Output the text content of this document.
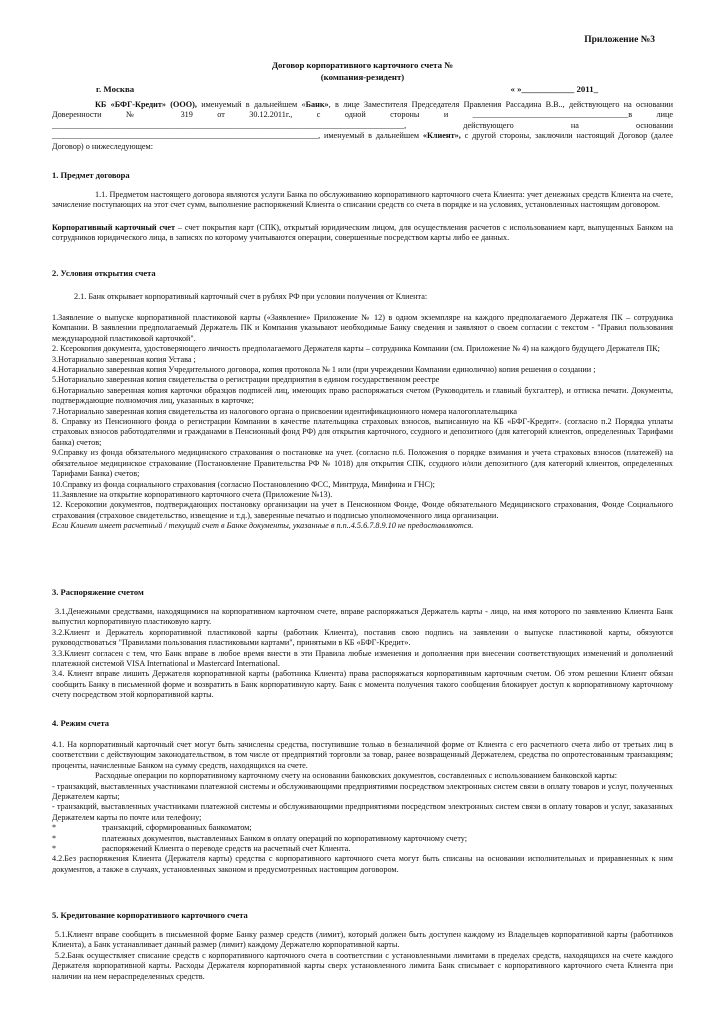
Приложение №3
Договор корпоративного карточного счета №
(компания-резидент)
г. Москва	« »____________ 2011_
КБ «БФГ-Кредит» (ООО), именуемый в дальнейшем «Банк», в лице Заместителя Председателя Правления Рассадина В.В.., действующего на основании Доверенности № 319 от 30.12.2011г., с одной стороны и ______________________________________в лице ______________________________________________________________________________________, действующего на основании _________________________________________________________________, именуемый в дальнейшем «Клиент», с другой стороны, заключили настоящий Договор (далее Договор) о нижеследующем:
1. Предмет договора
1.1. Предметом настоящего договора являются услуги Банка по обслуживанию корпоративного карточного счета Клиента: учет денежных средств Клиента на счете, зачисление поступающих на этот счет сумм, выполнение распоряжений Клиента о списании средств со счета в порядке и на условиях, установленных настоящим договором.
Корпоративный карточный счет – счет покрытия карт (СПК), открытый юридическим лицом, для осуществления расчетов с использованием карт, выпущенных Банком на сотрудников юридического лица, в записях по которому учитываются операции, совершенные посредством карты либо ее данных.
2. Условия открытия счета
2.1. Банк открывает корпоративный карточный счет в рублях РФ при условии получения от Клиента:
1.Заявление о выпуске корпоративной пластиковой карты («Заявление» Приложение № 12) в одном экземпляре на каждого предполагаемого Держателя ПК – сотрудника Компании. В заявлении предполагаемый Держатель ПК и Компания указывают необходимые Банку сведения и заявляют о своем согласии с текстом - "Правил пользования международной пластиковой карточкой".
2. Ксерокопия документа, удостоверяющего личность предполагаемого Держателя карты – сотрудника Компании (см. Приложение № 4) на каждого будущего Держателя ПК;
3.Нотариально заверенная копия Устава ;
4.Нотариально заверенная копия Учредительного договора, копия протокола № 1 или (при учреждении Компании единолично) копия решения о создании ;
5.Нотариально заверенная копия свидетельства о регистрации предприятия в едином государственном реестре
6.Нотариально заверенная копия карточки образцов подписей лиц, имеющих право распоряжаться счетом (Руководитель и главный бухгалтер), и оттиска печати. Документы, подтверждающие полномочия лиц, указанных в карточке;
7.Нотариально заверенная копия свидетельства из налогового органа о присвоении идентификационного номера налогоплательщика
8. Справку из Пенсионного фонда о регистрации Компании в качестве плательщика страховых взносов, выписанную на КБ «БФГ-Кредит». (согласно п.2 Порядка уплаты страховых взносов работодателями и гражданами в Пенсионный фонд РФ) для открытия карточного, ссудного и депозитного (для категорий клиентов, определенных Тарифами банка) счетов;
9.Справку из фонда обязательного медицинского страхования о постановке на учет. (согласно п.6. Положения о порядке взимания и учета страховых взносов (платежей) на обязательное медицинское страхование (Постановление Правительства РФ № 1018) для открытия СПК, ссудного и/или депозитного (для категорий клиентов, определенных Тарифами Банка) счетов;
10.Справку из фонда социального страхования (согласно Постановлению ФСС, Минтруда, Минфина и ГНС);
11.Заявление на открытие корпоративного карточного счета (Приложение №13).
12. Ксерокопии документов, подтверждающих постановку организации на учет в Пенсионном Фонде, Фонде обязательного Медицинского страхования, Фонде Социального страхования (страховое свидетельство, извещение и т.д.), заверенные печатью и подписью уполномоченного лица организации.
Если Клиент имеет расчетный / текущий счет в Банке документы, указанные в п.п..4.5.6.7.8.9.10 не предоставляются.
3. Распоряжение счетом
3.1.Денежными средствами, находящимися на корпоративном карточном счете, вправе распоряжаться Держатель карты - лицо, на имя которого по заявлению Клиента Банк выпустил корпоративную пластиковую карту.
3.2.Клиент и Держатель корпоративной пластиковой карты (работник Клиента), поставив свою подпись на заявлении о выпуске пластиковой карты, обязуются руководствоваться "Правилами пользования пластиковыми картами", принятыми в КБ «БФГ-Кредит».
3.3.Клиент согласен с тем, что Банк вправе в любое время внести в эти Правила любые изменения и дополнения при внесении соответствующих изменений и дополнений платежной системой VISA International и Mastercard International.
3.4. Клиент вправе лишить Держателя корпоративной карты (работника Клиента) права распоряжаться корпоративным карточным счетом. Об этом решении Клиент обязан сообщить Банку в письменной форме и возвратить в Банк корпоративную карту. Банк с момента получения такого сообщения блокирует доступ к корпоративному карточному счету посредством этой корпоративной карты.
4. Режим счета
4.1. На корпоративный карточный счет могут быть зачислены средства, поступившие только в безналичной форме от Клиента с его расчетного счета либо от третьих лиц в соответствии с действующим законодательством, в том числе от предприятий торговли за товар, ранее возвращенный Держателем, средства по опротестованным транзакциям; проценты, начисленные Банком на сумму средств, находящихся на счете.
Расходные операции по корпоративному карточному счету на основании банковских документов, составленных с использованием банковской карты:
- транзакций, выставленных участниками платежной системы и обслуживающими предприятиями посредством электронных систем связи в оплату товаров и услуг, полученных Держателем карты;
- транзакций, выставленных участниками платежной системы и обслуживающими предприятиями посредством электронных систем связи в оплату товаров и услуг, заказанных Держателем карты по почте или телефону;
*	транзакций, сформированных банкоматом;
*	платежных документов, выставленных Банком в оплату операций по корпоративному карточному счету;
*	распоряжений Клиента о переводе средств на расчетный счет Клиента.
4.2.Без распоряжения Клиента (Держателя карты) средства с корпоративного карточного счета могут быть списаны на основании исполнительных и приравненных к ним документов, а также в случаях, установленных законом и предусмотренных настоящим договором.
5. Кредитование корпоративного карточного счета
5.1.Клиент вправе сообщить в письменной форме Банку размер средств (лимит), который должен быть доступен каждому из Владельцев корпоративной карты (работников Клиента), а Банк устанавливает данный размер (лимит) каждому Держателю корпоративной карты.
5.2.Банк осуществляет списание средств с корпоративного карточного счета в соответствии с установленными лимитами в пределах средств, находящихся на счете каждого Держателя корпоративной карты. Расходы Держателя корпоративной карты сверх установленного лимита Банк списывает с корпоративного карточного счета Клиента при наличии на нем нераспределенных средств.
